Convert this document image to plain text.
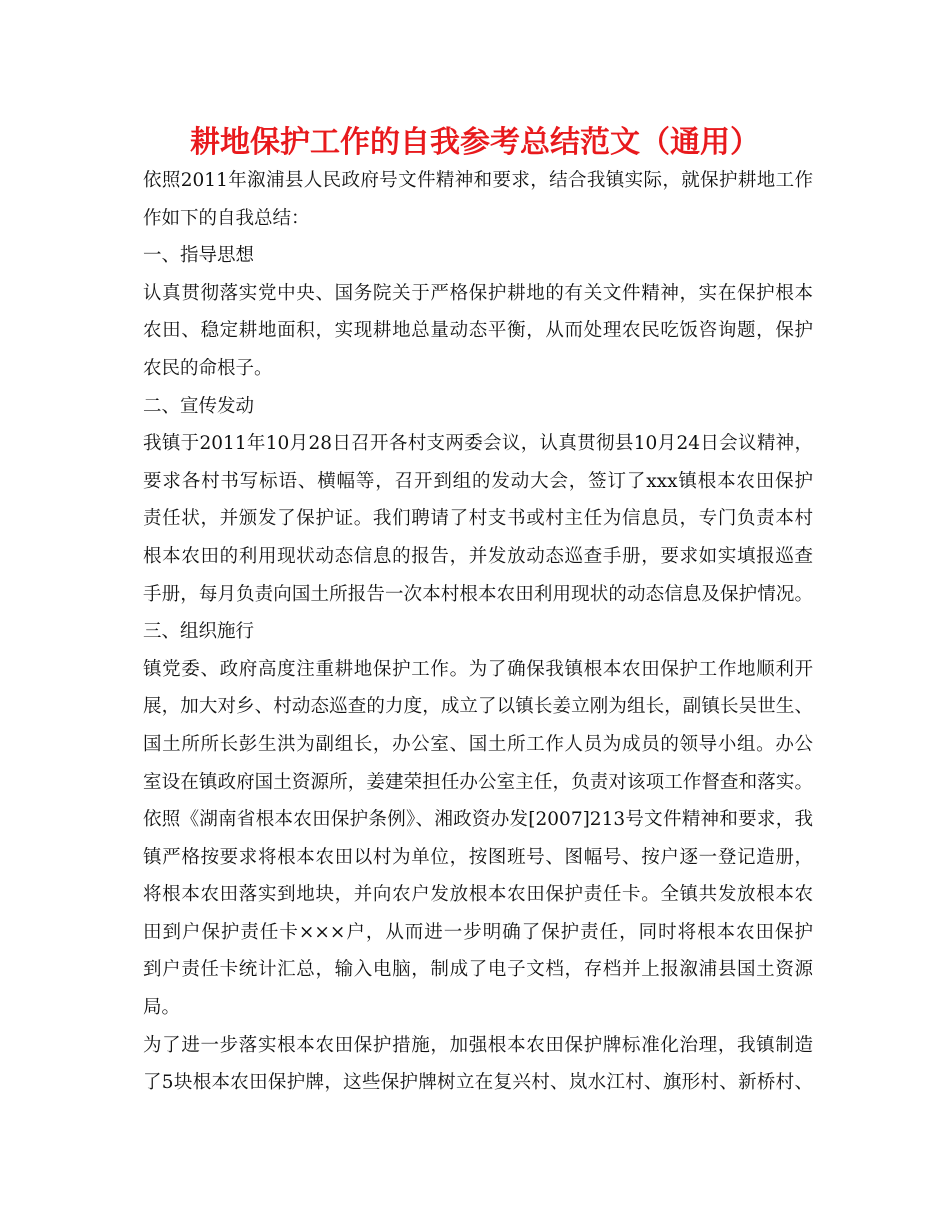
耕地保护工作的自我参考总结范文（通用）
依照2011年溆浦县人民政府号文件精神和要求，结合我镇实际，就保护耕地工作
作如下的自我总结：
一、指导思想
认真贯彻落实党中央、国务院关于严格保护耕地的有关文件精神，实在保护根本
农田、稳定耕地面积，实现耕地总量动态平衡，从而处理农民吃饭咨询题，保护
农民的命根子。
二、宣传发动
我镇于2011年10月28日召开各村支两委会议，认真贯彻县10月24日会议精神，
要求各村书写标语、横幅等，召开到组的发动大会，签订了xxx镇根本农田保护
责任状，并颁发了保护证。我们聘请了村支书或村主任为信息员，专门负责本村
根本农田的利用现状动态信息的报告，并发放动态巡查手册，要求如实填报巡查
手册，每月负责向国土所报告一次本村根本农田利用现状的动态信息及保护情况。
三、组织施行
镇党委、政府高度注重耕地保护工作。为了确保我镇根本农田保护工作地顺利开
展，加大对乡、村动态巡查的力度，成立了以镇长姜立刚为组长，副镇长吴世生、
国土所所长彭生洪为副组长，办公室、国土所工作人员为成员的领导小组。办公
室设在镇政府国土资源所，姜建荣担任办公室主任，负责对该项工作督查和落实。
依照《湖南省根本农田保护条例》、湘政资办发[2007]213号文件精神和要求，我
镇严格按要求将根本农田以村为单位，按图班号、图幅号、按户逐一登记造册，
将根本农田落实到地块，并向农户发放根本农田保护责任卡。全镇共发放根本农
田到户保护责任卡×××户，从而进一步明确了保护责任，同时将根本农田保护
到户责任卡统计汇总，输入电脑，制成了电子文档，存档并上报溆浦县国土资源
局。
为了进一步落实根本农田保护措施，加强根本农田保护牌标准化治理，我镇制造
了5块根本农田保护牌，这些保护牌树立在复兴村、岚水江村、旗形村、新桥村、
